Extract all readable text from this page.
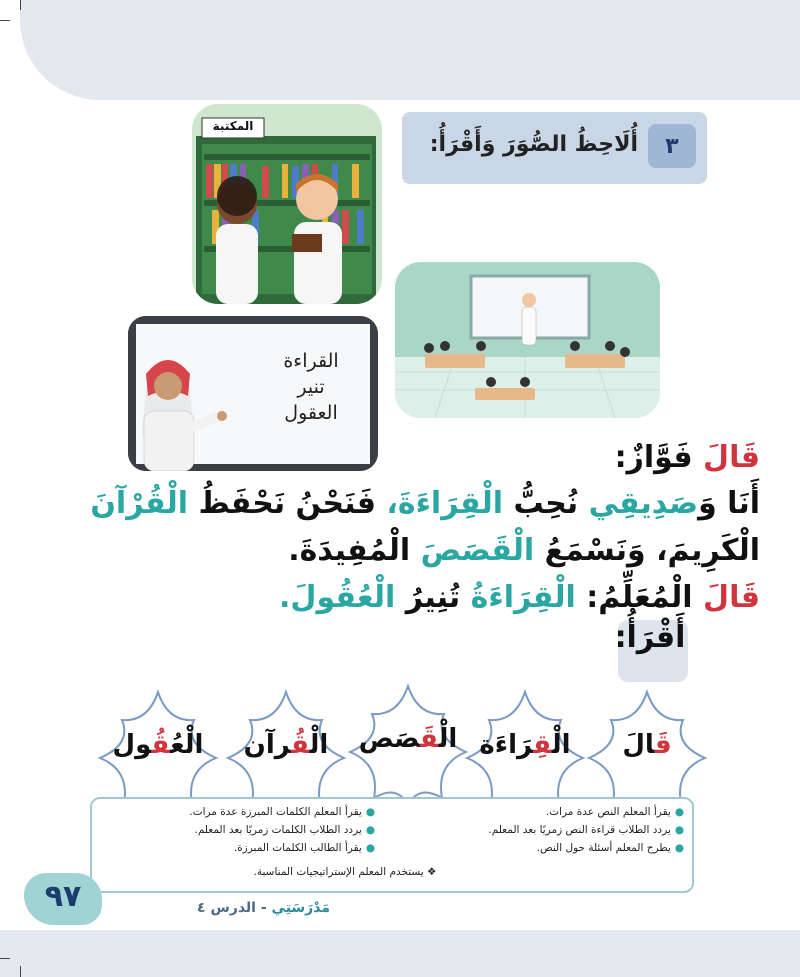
٣
أُلَاحِظُ الصُّوَرَ وَأَقْرَأُ:
المكتبة
القراءة
تنير
العقول
قَالَ فَوَّازٌ:
أَنَا وَصَدِيقِي نُحِبُّ الْقِرَاءَةَ، فَنَحْنُ نَحْفَظُ الْقُرْآنَ
الْكَرِيمَ، وَنَسْمَعُ الْقَصَصَ الْمُفِيدَةَ.
قَالَ الْمُعَلِّمُ: الْقِرَاءَةُ تُنِيرُ الْعُقُولَ.
أَقْرَأُ:
قَالَ
الْقِرَاءَة
الْقَصَص
الْقُرآن
الْعُقُول
●يقرأ المعلم النص عدة مرات.
●يردد الطلاب قراءة النص زمريًا بعد المعلم.
●يطرح المعلم أسئلة حول النص.
●يقرأ المعلم الكلمات المبرزة عدة مرات.
●يردد الطلاب الكلمات زمريًا بعد المعلم.
●يقرأ الطالب الكلمات المبرزة.
❖ يستخدم المعلم الإستراتيجيات المناسبة.
٩٧	مَدْرَسَتِي - الدرس ٤
